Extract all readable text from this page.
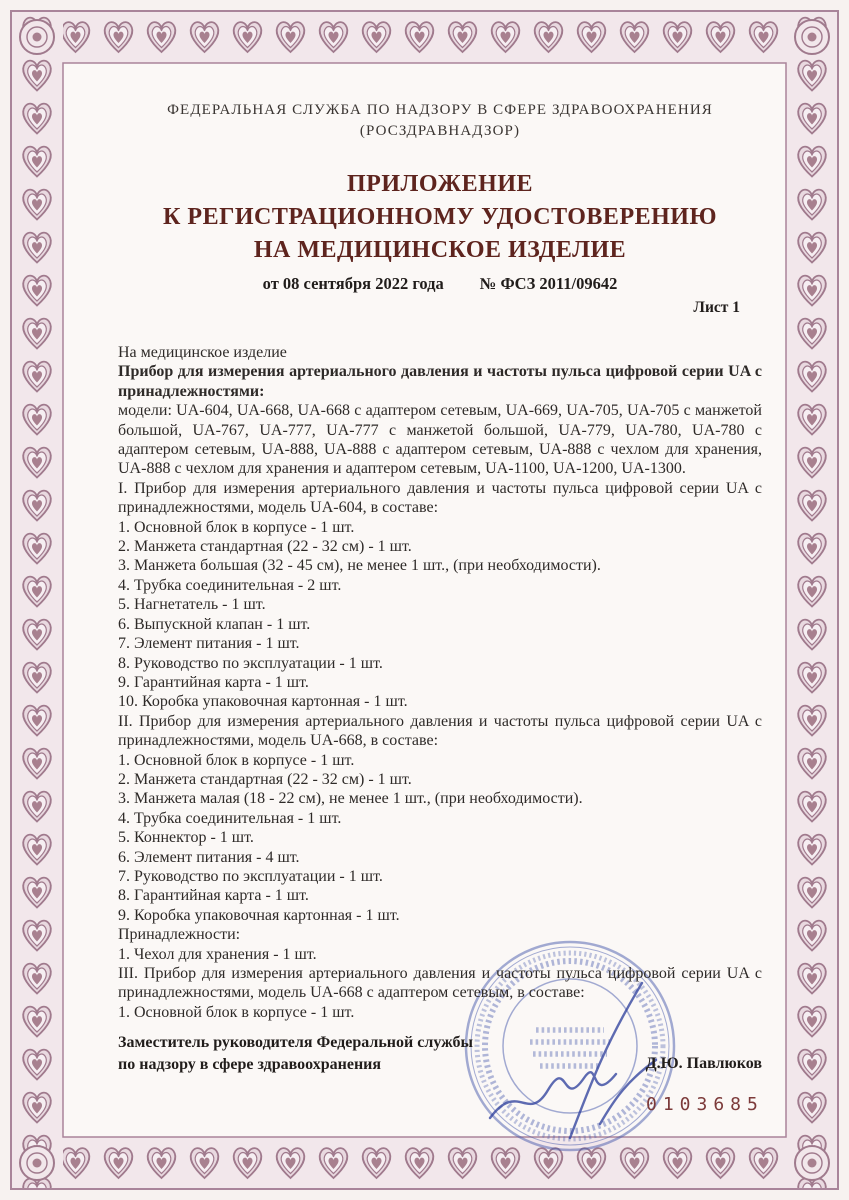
ФЕДЕРАЛЬНАЯ СЛУЖБА ПО НАДЗОРУ В СФЕРЕ ЗДРАВООХРАНЕНИЯ
(РОСЗДРАВНАДЗОР)
ПРИЛОЖЕНИЕ
К РЕГИСТРАЦИОННОМУ УДОСТОВЕРЕНИЮ
НА МЕДИЦИНСКОЕ ИЗДЕЛИЕ
от 08 сентября 2022 года № ФСЗ 2011/09642
Лист 1

На медицинское изделие

Прибор для измерения артериального давления и частоты пульса цифровой серии UA с принадлежностями:

модели: UA-604, UA-668, UA-668 с адаптером сетевым, UA-669, UA-705, UA-705 с манжетой большой, UA-767, UA-777, UA-777 с манжетой большой, UA-779, UA-780, UA-780 с адаптером сетевым, UA-888, UA-888 с адаптером сетевым, UA-888 с чехлом для хранения, UA-888 с чехлом для хранения и адаптером сетевым, UA-1100, UA-1200, UA-1300.

I. Прибор для измерения артериального давления и частоты пульса цифровой серии UA с принадлежностями, модель UA-604, в составе:

1. Основной блок в корпусе - 1 шт.

2. Манжета стандартная (22 - 32 см) - 1 шт.

3. Манжета большая (32 - 45 см), не менее 1 шт., (при необходимости).

4. Трубка соединительная - 2 шт.

5. Нагнетатель - 1 шт.

6. Выпускной клапан - 1 шт.

7. Элемент питания - 1 шт.

8. Руководство по эксплуатации - 1 шт.

9. Гарантийная карта - 1 шт.

10. Коробка упаковочная картонная - 1 шт.

II. Прибор для измерения артериального давления и частоты пульса цифровой серии UA с принадлежностями, модель UA-668, в составе:

1. Основной блок в корпусе - 1 шт.

2. Манжета стандартная (22 - 32 см) - 1 шт.

3. Манжета малая (18 - 22 см), не менее 1 шт., (при необходимости).

4. Трубка соединительная - 1 шт.

5. Коннектор - 1 шт.

6. Элемент питания - 4 шт.

7. Руководство по эксплуатации - 1 шт.

8. Гарантийная карта - 1 шт.

9. Коробка упаковочная картонная - 1 шт.

Принадлежности:

1. Чехол для хранения - 1 шт.

III. Прибор для измерения артериального давления и частоты пульса цифровой серии UA с принадлежностями, модель UA-668 с адаптером сетевым, в составе:

1. Основной блок в корпусе - 1 шт.

Заместитель руководителя Федеральной службы
по надзору в сфере здравоохранения	Д.Ю. Павлюков
0103685
